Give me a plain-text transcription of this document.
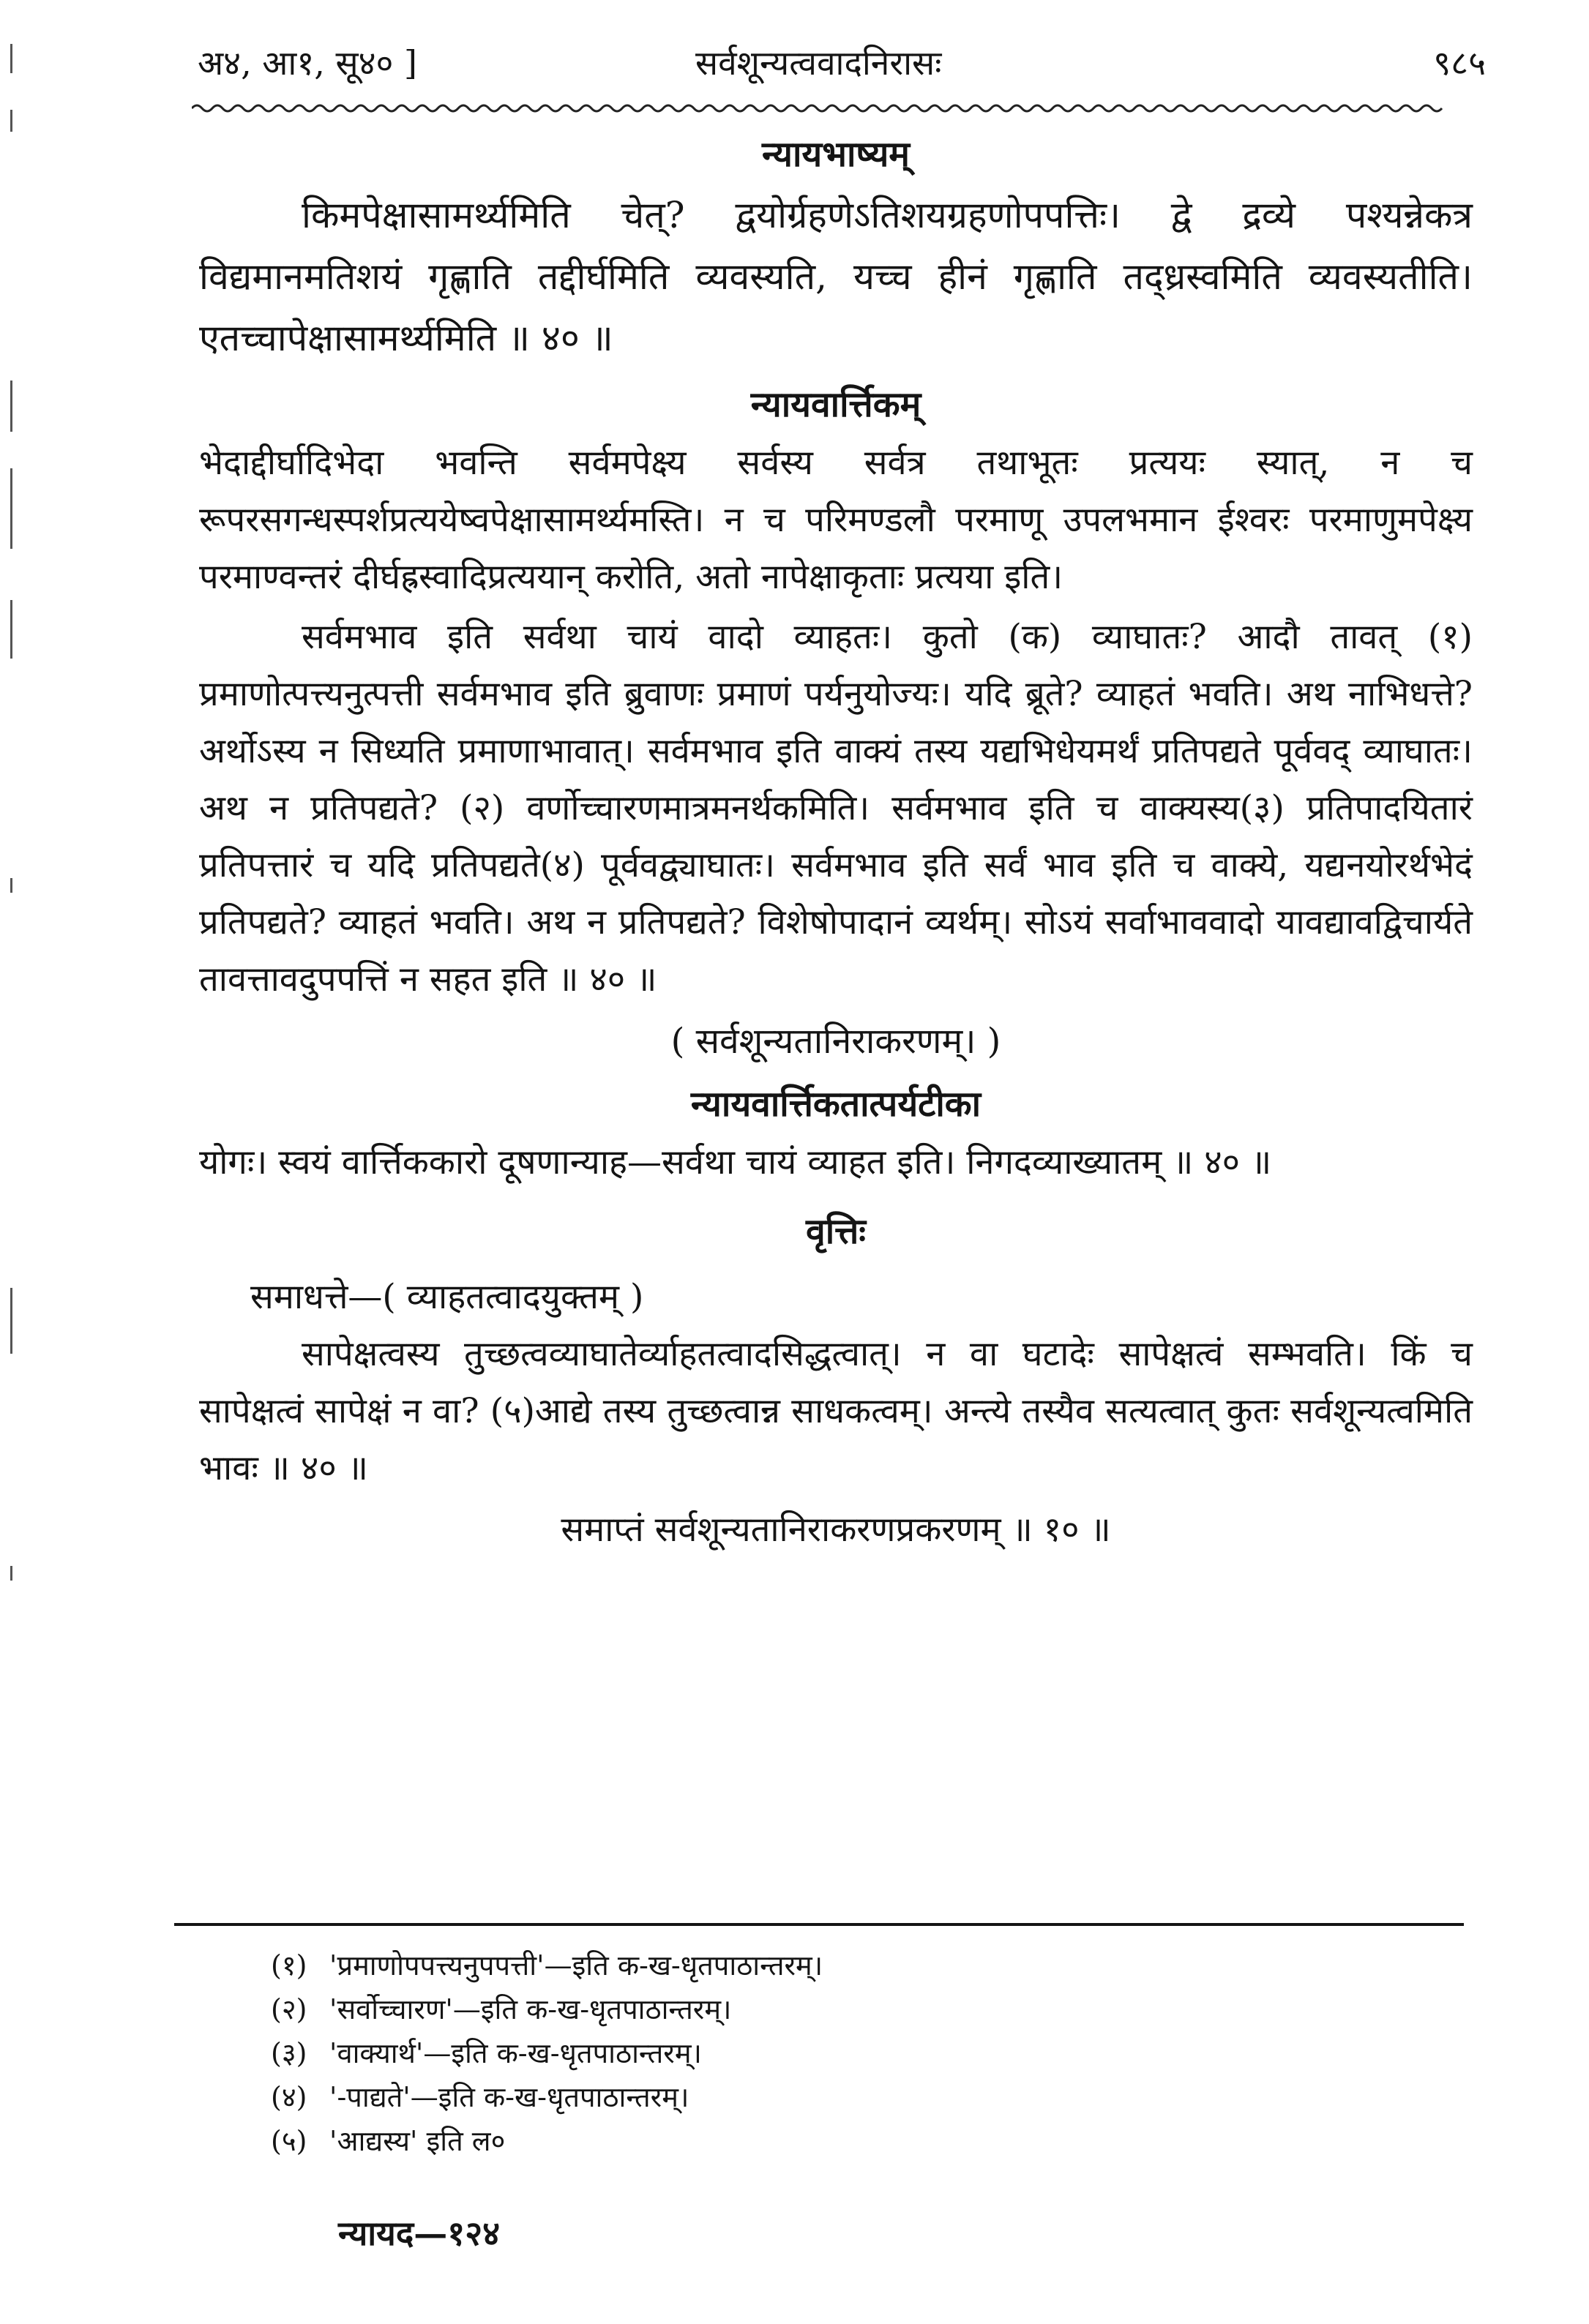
अ४, आ१, सू४० ]	सर्वशून्यत्ववादनिरासः	९८५
न्यायभाष्यम्

किमपेक्षासामर्थ्यमिति चेत्? द्वयोर्ग्रहणेऽतिशयग्रहणोपपत्तिः। द्वे द्रव्ये पश्यन्नेकत्र विद्यमानमतिशयं गृह्णाति तद्दीर्घमिति व्यवस्यति, यच्च हीनं गृह्णाति तद्ध्रस्वमिति व्यवस्यतीति। एतच्चापेक्षासामर्थ्यमिति ॥ ४० ॥

न्यायवार्त्तिकम्

भेदाद्दीर्घादिभेदा भवन्ति सर्वमपेक्ष्य सर्वस्य सर्वत्र तथाभूतः प्रत्ययः स्यात्, न च रूपरसगन्धस्पर्शप्रत्ययेष्वपेक्षासामर्थ्यमस्ति। न च परिमण्डलौ परमाणू उपलभमान ईश्वरः परमाणुमपेक्ष्य परमाण्वन्तरं दीर्घह्रस्वादिप्रत्ययान् करोति, अतो नापेक्षाकृताः प्रत्यया इति।

सर्वमभाव इति सर्वथा चायं वादो व्याहतः। कुतो (क) व्याघातः? आदौ तावत् (१) प्रमाणोत्पत्त्यनुत्पत्ती सर्वमभाव इति ब्रुवाणः प्रमाणं पर्यनुयोज्यः। यदि ब्रूते? व्याहतं भवति। अथ नाभिधत्ते? अर्थोऽस्य न सिध्यति प्रमाणाभावात्। सर्वमभाव इति वाक्यं तस्य यद्यभिधेयमर्थं प्रतिपद्यते पूर्ववद् व्याघातः। अथ न प्रतिपद्यते? (२) वर्णोच्चारणमात्रमनर्थकमिति। सर्वमभाव इति च वाक्यस्य(३) प्रतिपादयितारं प्रतिपत्तारं च यदि प्रतिपद्यते(४) पूर्ववद्व्याघातः। सर्वमभाव इति सर्वं भाव इति च वाक्ये, यद्यनयोरर्थभेदं प्रतिपद्यते? व्याहतं भवति। अथ न प्रतिपद्यते? विशेषोपादानं व्यर्थम्। सोऽयं सर्वाभाववादो यावद्यावद्विचार्यते तावत्तावदुपपत्तिं न सहत इति ॥ ४० ॥

( सर्वशून्यतानिराकरणम्। )

न्यायवार्त्तिकतात्पर्यटीका

योगः। स्वयं वार्त्तिककारो दूषणान्याह—सर्वथा चायं व्याहत इति। निगदव्याख्यातम् ॥ ४० ॥

वृत्तिः

समाधत्ते—( व्याहतत्वादयुक्तम् )

सापेक्षत्वस्य तुच्छत्वव्याघातेर्व्याहतत्वादसिद्धत्वात्। न वा घटादेः सापेक्षत्वं सम्भवति। किं च सापेक्षत्वं सापेक्षं न वा? (५)आद्ये तस्य तुच्छत्वान्न साधकत्वम्। अन्त्ये तस्यैव सत्यत्वात् कुतः सर्वशून्यत्वमिति भावः ॥ ४० ॥

समाप्तं सर्वशून्यतानिराकरणप्रकरणम् ॥ १० ॥

(१) 'प्रमाणोपपत्त्यनुपपत्ती'—इति क-ख-धृतपाठान्तरम्।

(२) 'सर्वोच्चारण'—इति क-ख-धृतपाठान्तरम्।

(३) 'वाक्यार्थ'—इति क-ख-धृतपाठान्तरम्।

(४) '-पाद्यते'—इति क-ख-धृतपाठान्तरम्।

(५) 'आद्यस्य' इति ल०

न्यायद—१२४
